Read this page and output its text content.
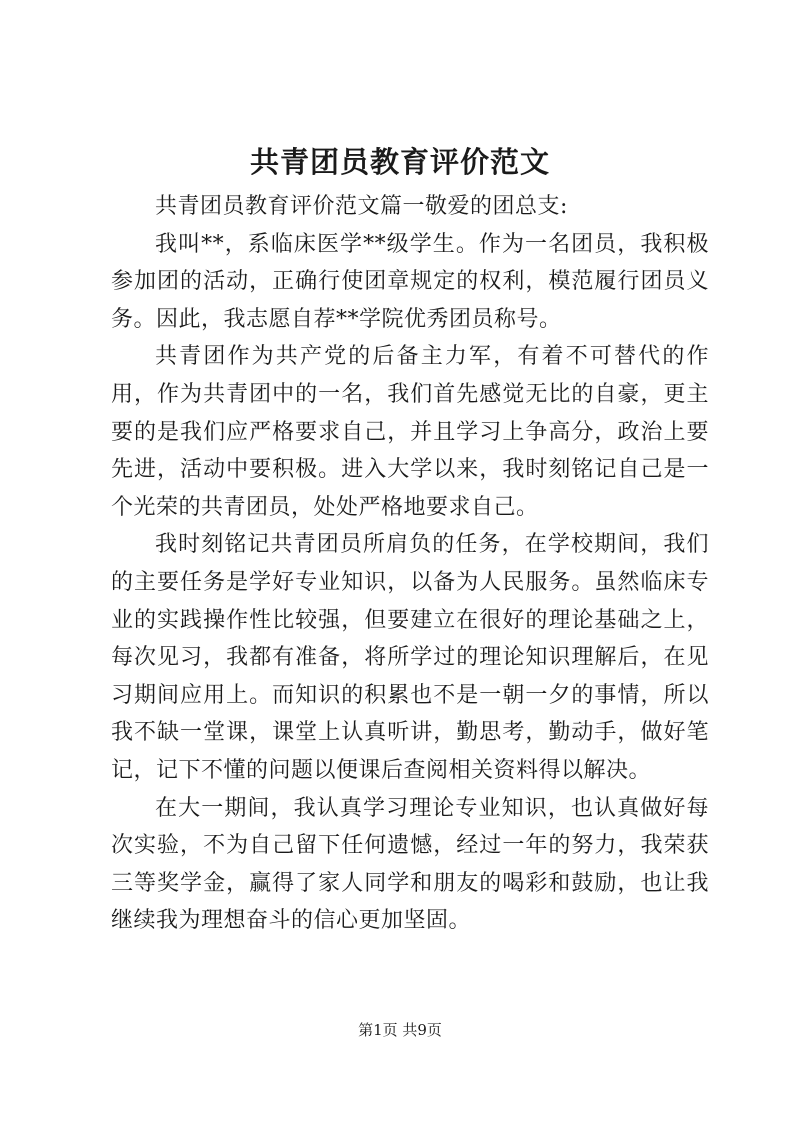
共青团员教育评价范文

共青团员教育评价范文篇一敬爱的团总支:

我叫**，系临床医学**级学生。作为一名团员，我积极参加团的活动，正确行使团章规定的权利，模范履行团员义务。因此，我志愿自荐**学院优秀团员称号。

共青团作为共产党的后备主力军，有着不可替代的作用，作为共青团中的一名，我们首先感觉无比的自豪，更主要的是我们应严格要求自己，并且学习上争高分，政治上要先进，活动中要积极。进入大学以来，我时刻铭记自己是一个光荣的共青团员，处处严格地要求自己。

我时刻铭记共青团员所肩负的任务，在学校期间，我们的主要任务是学好专业知识，以备为人民服务。虽然临床专业的实践操作性比较强，但要建立在很好的理论基础之上，每次见习，我都有准备，将所学过的理论知识理解后，在见习期间应用上。而知识的积累也不是一朝一夕的事情，所以我不缺一堂课，课堂上认真听讲，勤思考，勤动手，做好笔记，记下不懂的问题以便课后查阅相关资料得以解决。

在大一期间，我认真学习理论专业知识，也认真做好每次实验，不为自己留下任何遗憾，经过一年的努力，我荣获三等奖学金，赢得了家人同学和朋友的喝彩和鼓励，也让我继续我为理想奋斗的信心更加坚固。

第1页 共9页
